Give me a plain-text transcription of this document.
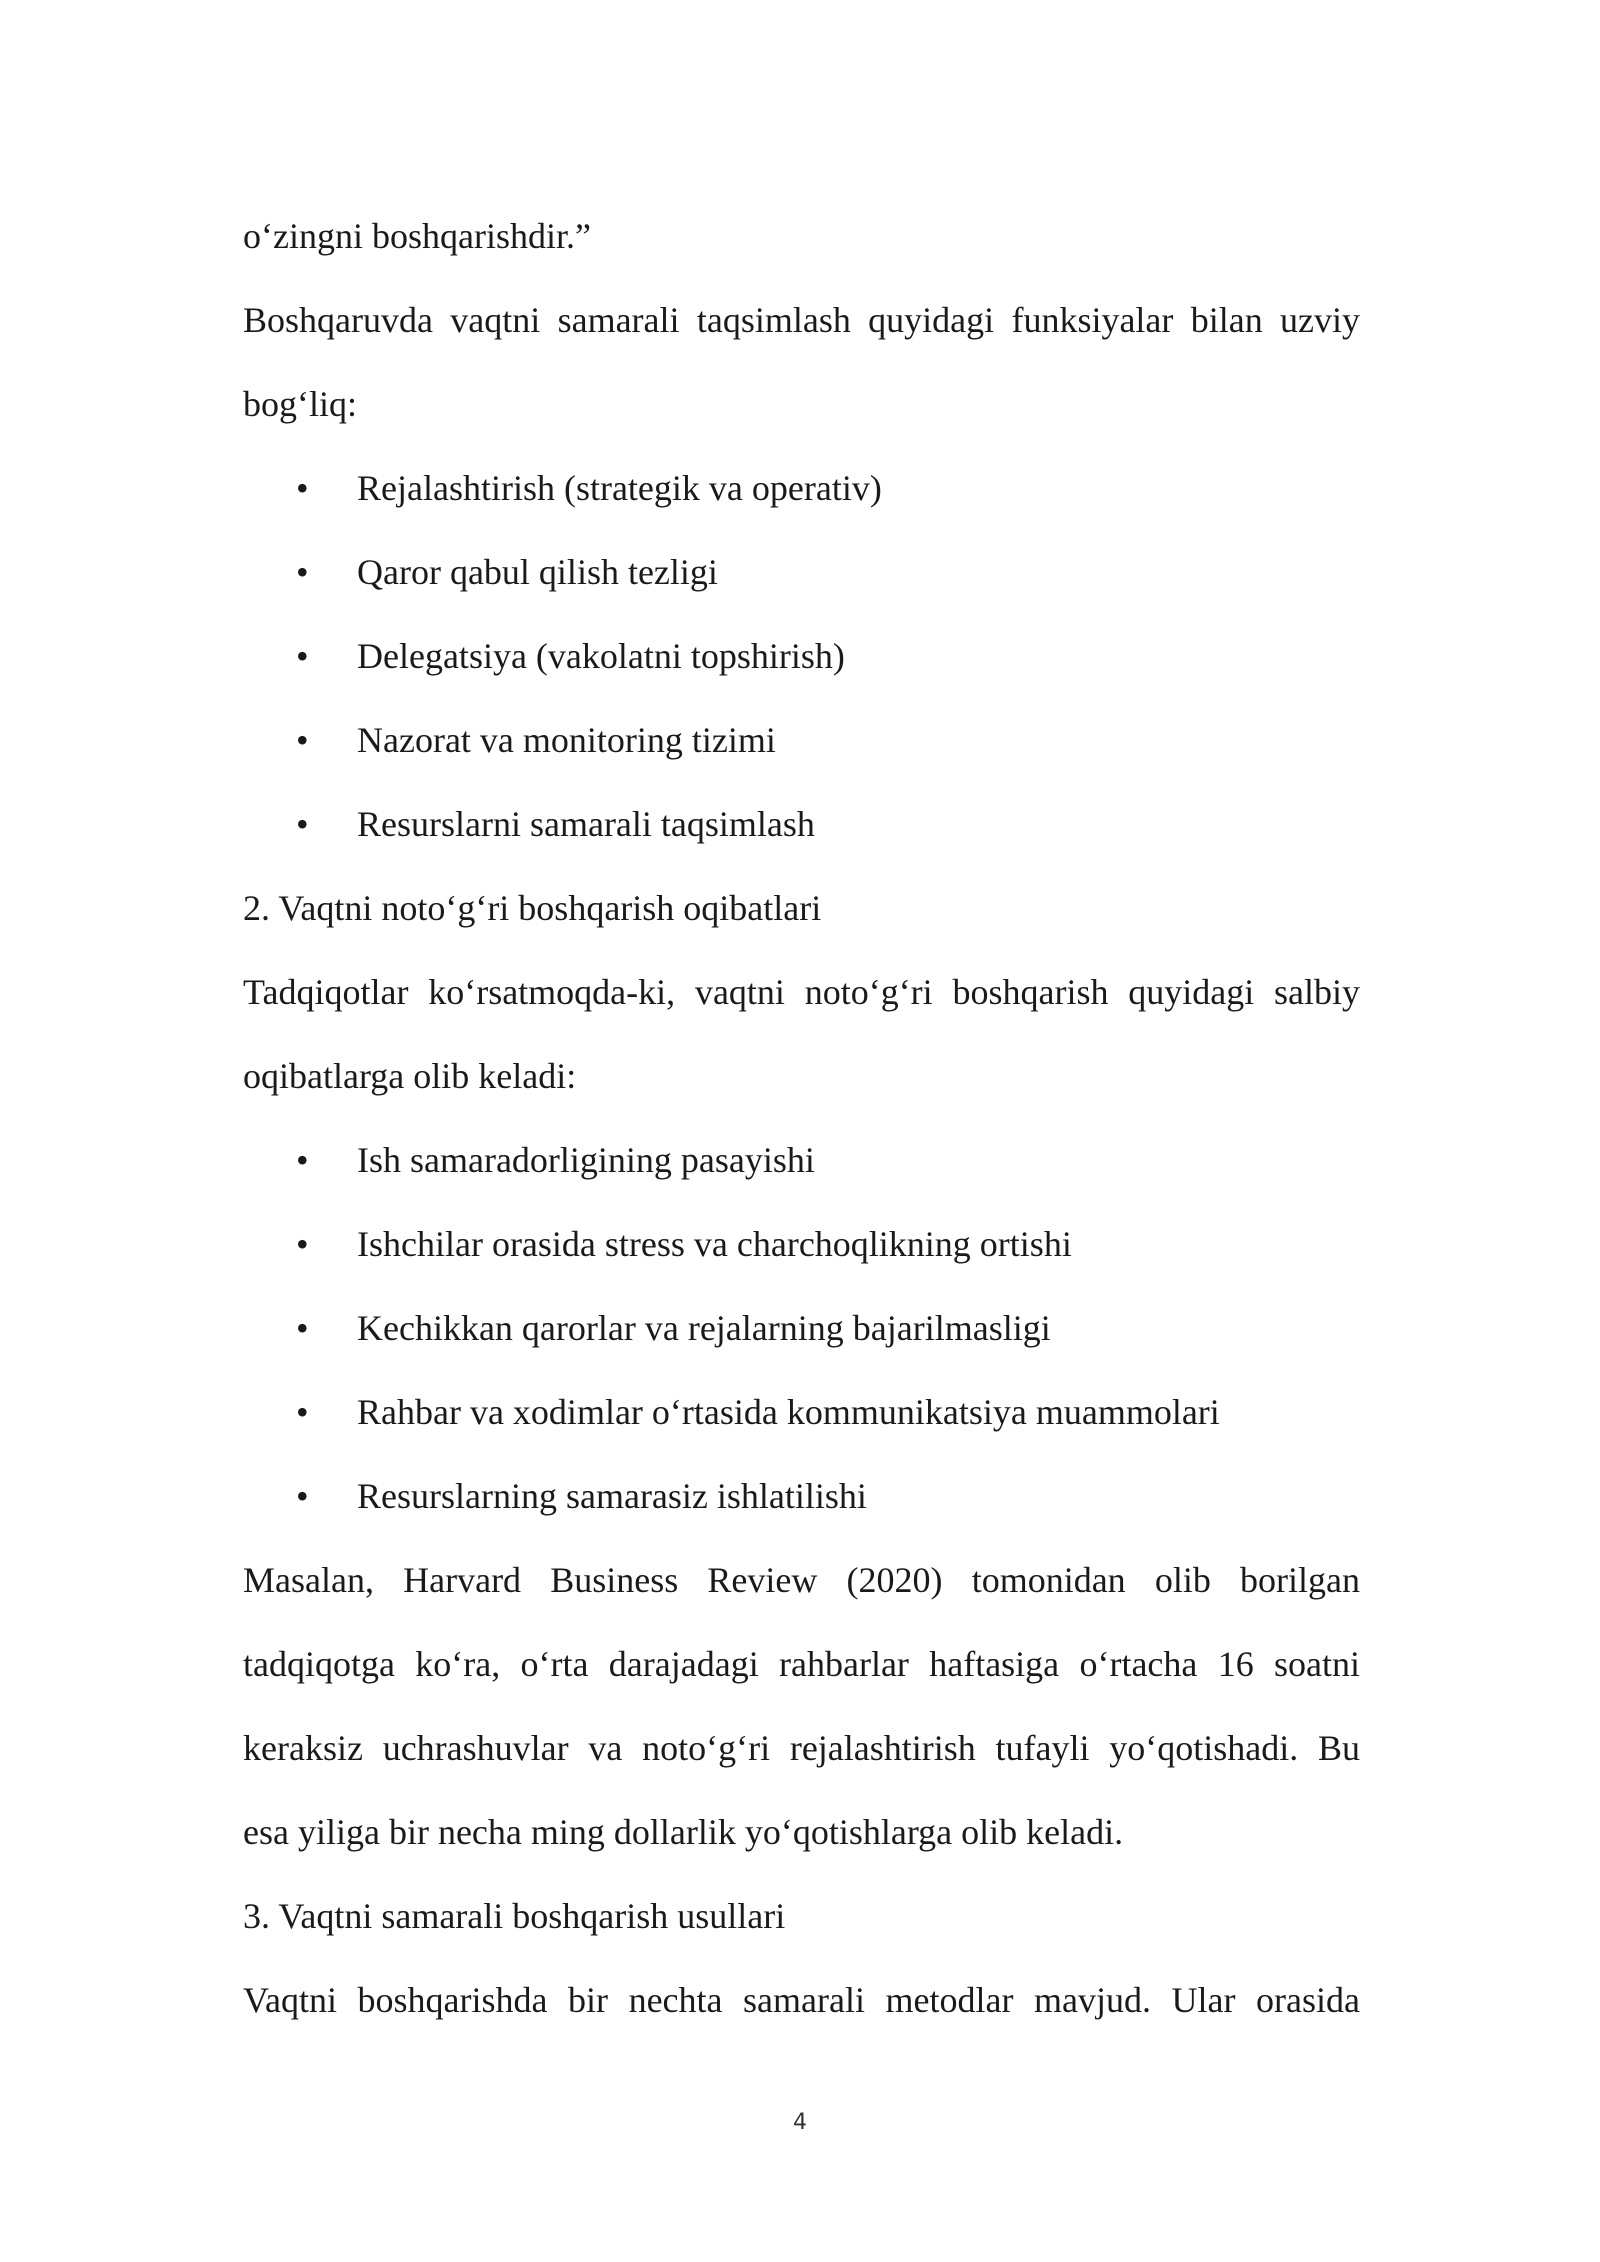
o‘zingni boshqarishdir.”
Boshqaruvda vaqtni samarali taqsimlash quyidagi funksiyalar bilan uzviy
bog‘liq:
• Rejalashtirish (strategik va operativ)
• Qaror qabul qilish tezligi
• Delegatsiya (vakolatni topshirish)
• Nazorat va monitoring tizimi
• Resurslarni samarali taqsimlash
2. Vaqtni noto‘g‘ri boshqarish oqibatlari
Tadqiqotlar ko‘rsatmoqda-ki, vaqtni noto‘g‘ri boshqarish quyidagi salbiy
oqibatlarga olib keladi:
• Ish samaradorligining pasayishi
• Ishchilar orasida stress va charchoqlikning ortishi
• Kechikkan qarorlar va rejalarning bajarilmasligi
• Rahbar va xodimlar o‘rtasida kommunikatsiya muammolari
• Resurslarning samarasiz ishlatilishi
Masalan, Harvard Business Review (2020) tomonidan olib borilgan
tadqiqotga ko‘ra, o‘rta darajadagi rahbarlar haftasiga o‘rtacha 16 soatni
keraksiz uchrashuvlar va noto‘g‘ri rejalashtirish tufayli yo‘qotishadi. Bu
esa yiliga bir necha ming dollarlik yo‘qotishlarga olib keladi.
3. Vaqtni samarali boshqarish usullari
Vaqtni boshqarishda bir nechta samarali metodlar mavjud. Ular orasida
4
